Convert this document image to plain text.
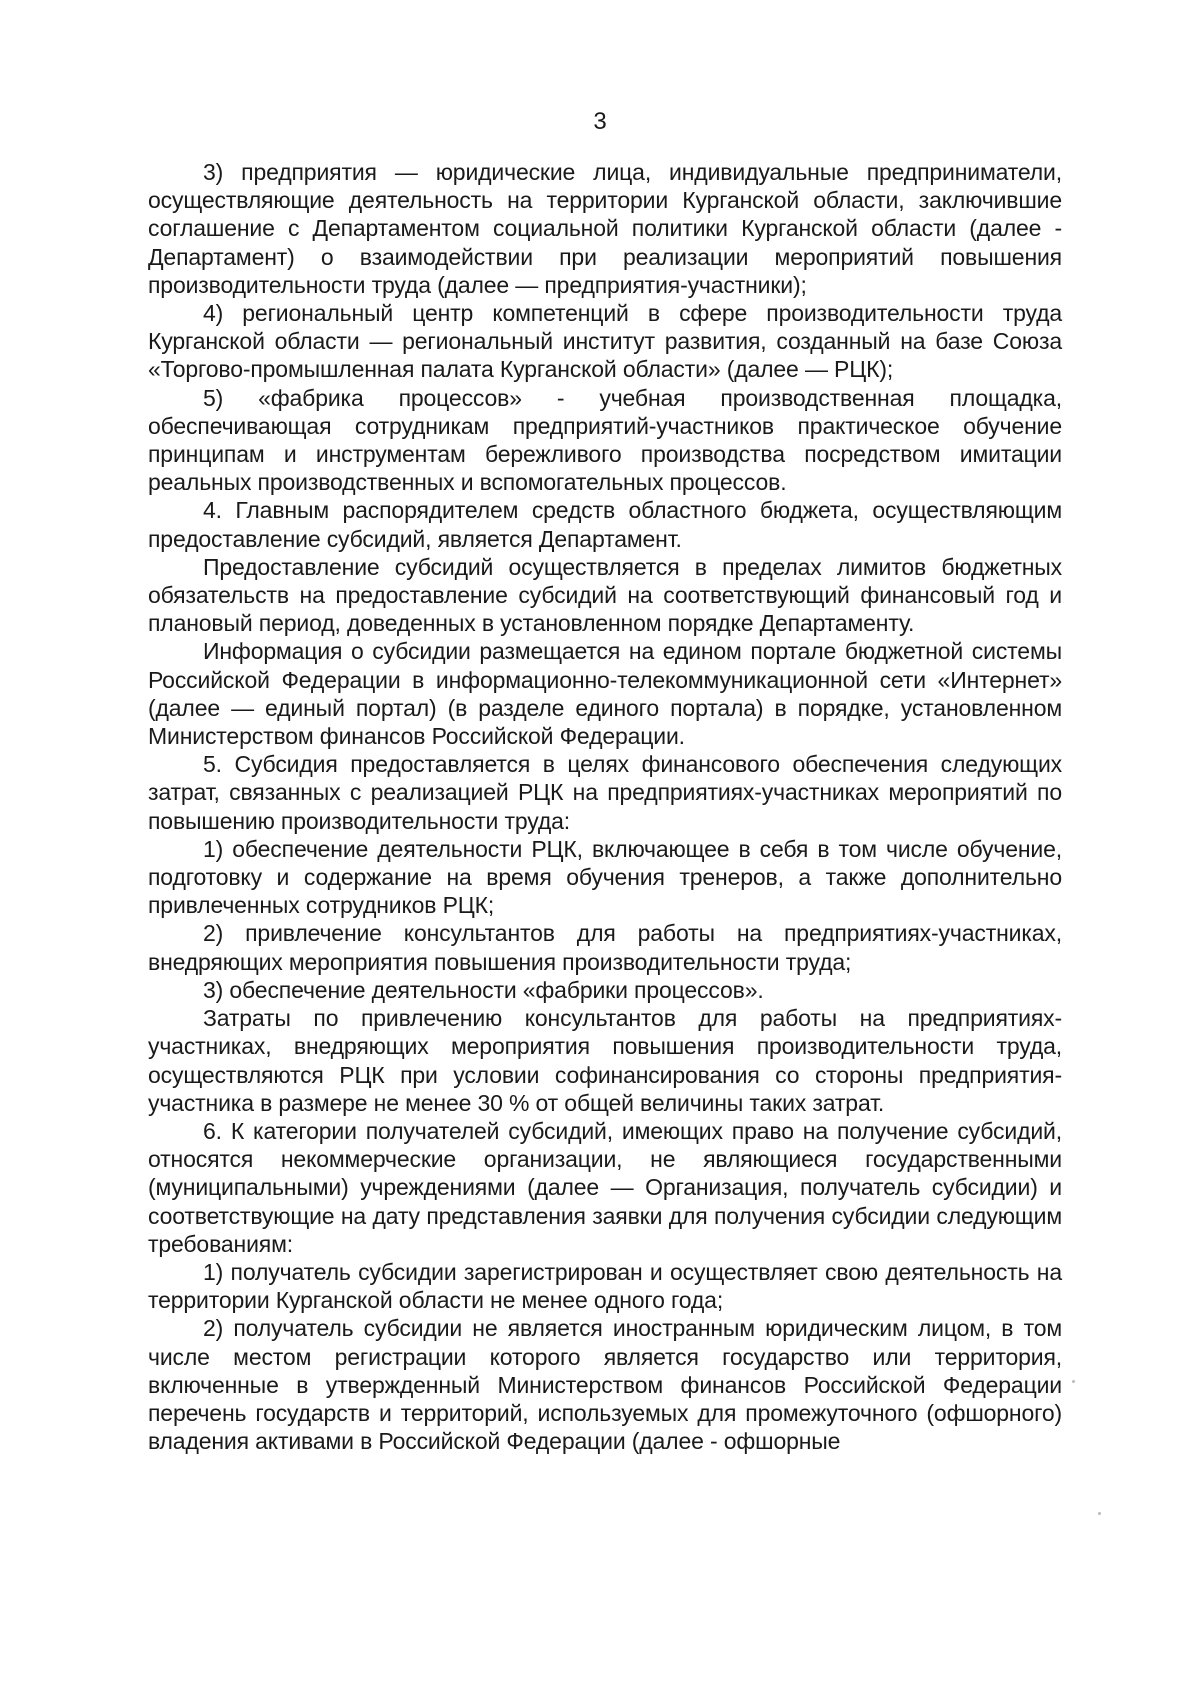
3

3) предприятия — юридические лица, индивидуальные предприниматели, осуществляющие деятельность на территории Курганской области, заключившие соглашение с Департаментом социальной политики Курганской области (далее - Департамент) о взаимодействии при реализации мероприятий повышения производительности труда (далее — предприятия-участники);

4) региональный центр компетенций в сфере производительности труда Курганской области — региональный институт развития, созданный на базе Союза «Торгово-промышленная палата Курганской области» (далее — РЦК);

5) «фабрика процессов» - учебная производственная площадка, обеспечивающая сотрудникам предприятий-участников практическое обучение принципам и инструментам бережливого производства посредством имитации реальных производственных и вспомогательных процессов.

4. Главным распорядителем средств областного бюджета, осуществляющим предоставление субсидий, является Департамент.

Предоставление субсидий осуществляется в пределах лимитов бюджетных обязательств на предоставление субсидий на соответствующий финансовый год и плановый период, доведенных в установленном порядке Департаменту.

Информация о субсидии размещается на едином портале бюджетной системы Российской Федерации в информационно-телекоммуникационной сети «Интернет» (далее — единый портал) (в разделе единого портала) в порядке, установленном Министерством финансов Российской Федерации.

5. Субсидия предоставляется в целях финансового обеспечения следующих затрат, связанных с реализацией РЦК на предприятиях-участниках мероприятий по повышению производительности труда:

1) обеспечение деятельности РЦК, включающее в себя в том числе обучение, подготовку и содержание на время обучения тренеров, а также дополнительно привлеченных сотрудников РЦК;

2) привлечение консультантов для работы на предприятиях-участниках, внедряющих мероприятия повышения производительности труда;

3) обеспечение деятельности «фабрики процессов».

Затраты по привлечению консультантов для работы на предприятиях-участниках, внедряющих мероприятия повышения производительности труда, осуществляются РЦК при условии софинансирования со стороны предприятия-участника в размере не менее 30 % от общей величины таких затрат.

6. К категории получателей субсидий, имеющих право на получение субсидий, относятся некоммерческие организации, не являющиеся государственными (муниципальными) учреждениями (далее — Организация, получатель субсидии) и соответствующие на дату представления заявки для получения субсидии следующим требованиям:

1) получатель субсидии зарегистрирован и осуществляет свою деятельность на территории Курганской области не менее одного года;

2) получатель субсидии не является иностранным юридическим лицом, в том числе местом регистрации которого является государство или территория, включенные в утвержденный Министерством финансов Российской Федерации перечень государств и территорий, используемых для промежуточного (офшорного) владения активами в Российской Федерации (далее - офшорные
